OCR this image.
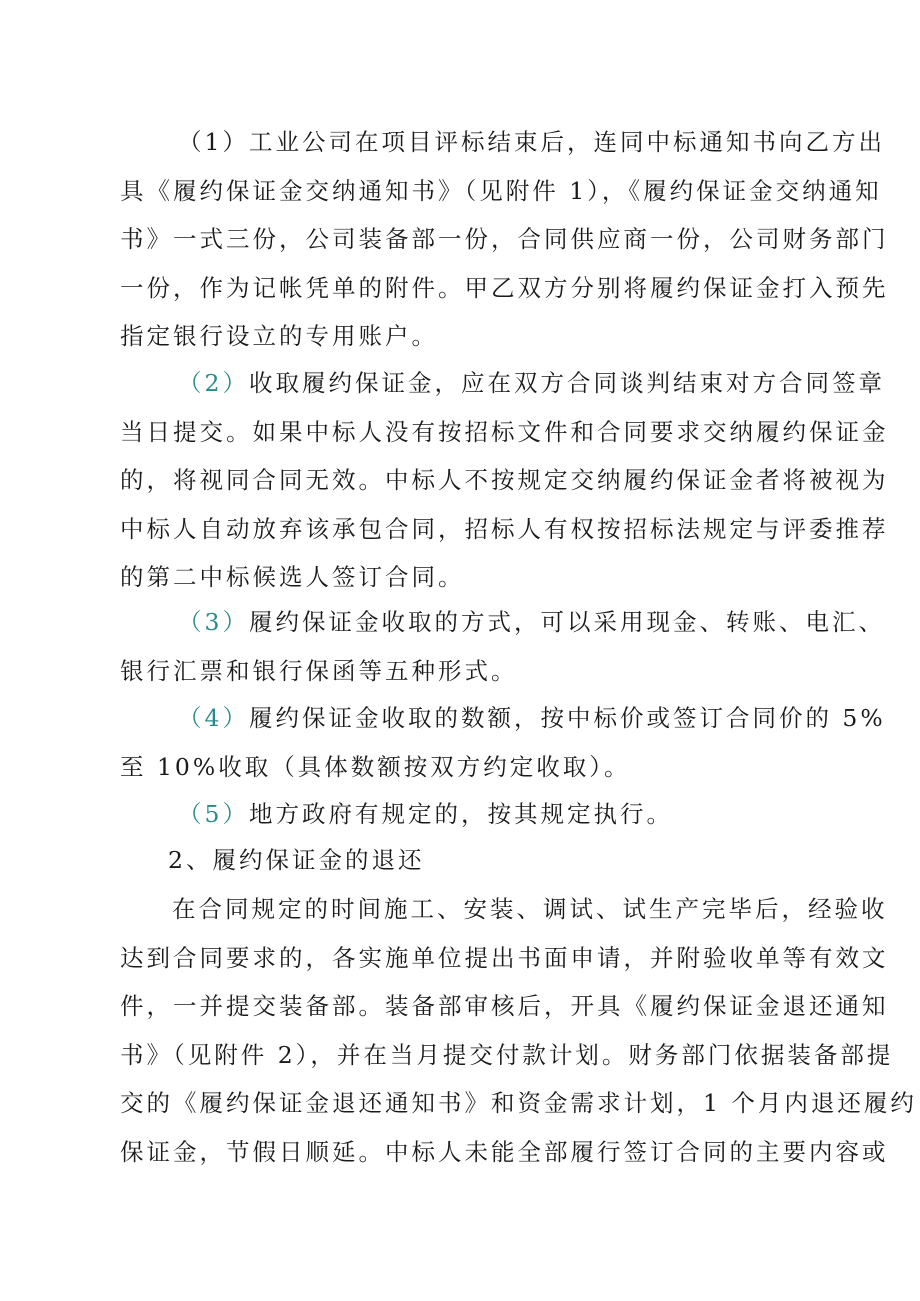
（1）工业公司在项目评标结束后，连同中标通知书向乙方出
具《履约保证金交纳通知书》（见附件 1），《履约保证金交纳通知
书》一式三份，公司装备部一份，合同供应商一份，公司财务部门
一份，作为记帐凭单的附件。甲乙双方分别将履约保证金打入预先
指定银行设立的专用账户。
（2）收取履约保证金，应在双方合同谈判结束对方合同签章
当日提交。如果中标人没有按招标文件和合同要求交纳履约保证金
的，将视同合同无效。中标人不按规定交纳履约保证金者将被视为
中标人自动放弃该承包合同，招标人有权按招标法规定与评委推荐
的第二中标候选人签订合同。
（3）履约保证金收取的方式，可以采用现金、转账、电汇、
银行汇票和银行保函等五种形式。
（4）履约保证金收取的数额，按中标价或签订合同价的 5%
至 10%收取（具体数额按双方约定收取）。
（5）地方政府有规定的，按其规定执行。
2、履约保证金的退还
在合同规定的时间施工、安装、调试、试生产完毕后，经验收
达到合同要求的，各实施单位提出书面申请，并附验收单等有效文
件，一并提交装备部。装备部审核后，开具《履约保证金退还通知
书》（见附件 2），并在当月提交付款计划。财务部门依据装备部提
交的《履约保证金退还通知书》和资金需求计划，1 个月内退还履约
保证金，节假日顺延。中标人未能全部履行签订合同的主要内容或
